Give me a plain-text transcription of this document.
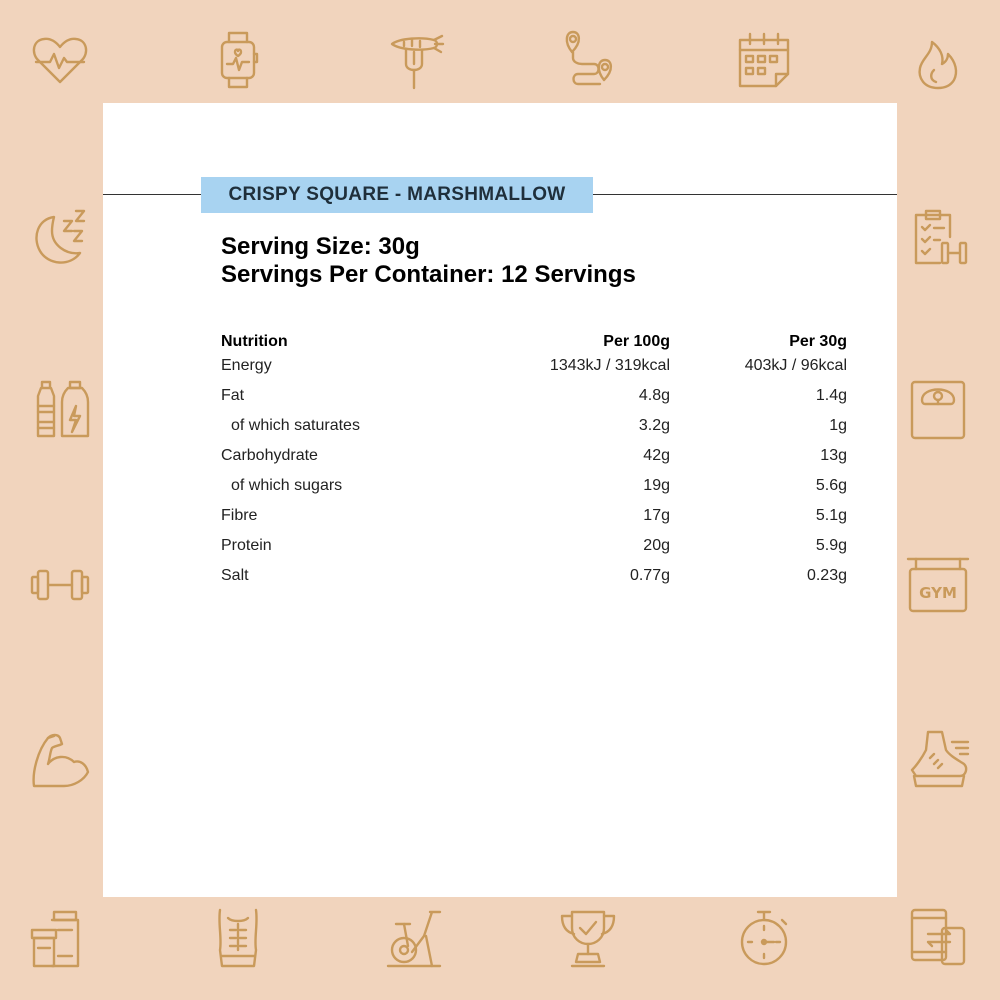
GYM
CRISPY SQUARE - MARSHMALLOW
Serving Size: 30g
Servings Per Container: 12 Servings
Nutrition	Per 100g	Per 30g
Energy	1343kJ / 319kcal	403kJ / 96kcal
Fat	4.8g	1.4g
of which saturates	3.2g	1g
Carbohydrate	42g	13g
of which sugars	19g	5.6g
Fibre	17g	5.1g
Protein	20g	5.9g
Salt	0.77g	0.23g
